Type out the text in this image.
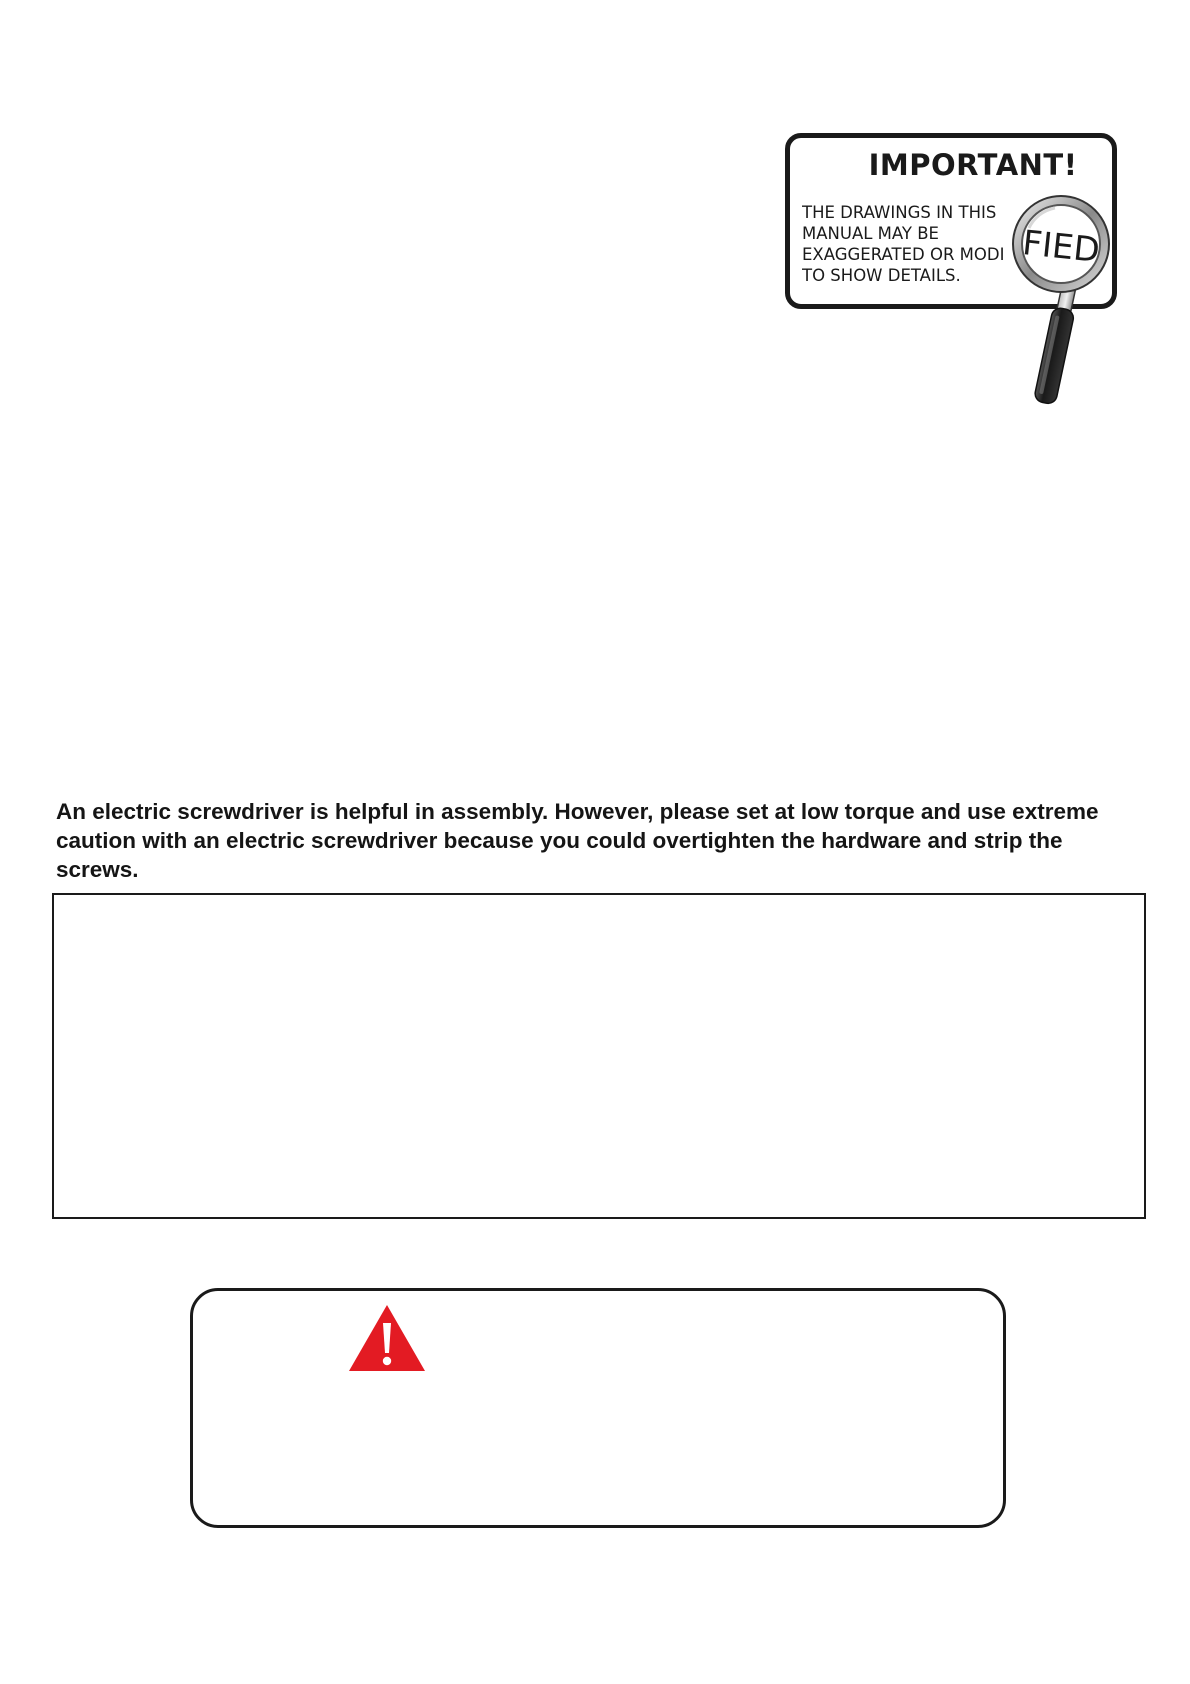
IMPORTANT!
THE DRAWINGS IN THIS
MANUAL MAY BE
EXAGGERATED OR MODI
TO SHOW DETAILS.
FIED
An electric screwdriver is helpful in assembly. However, please set at low torque and use extreme caution with an electric screwdriver because you could overtighten the hardware and strip the screws.
